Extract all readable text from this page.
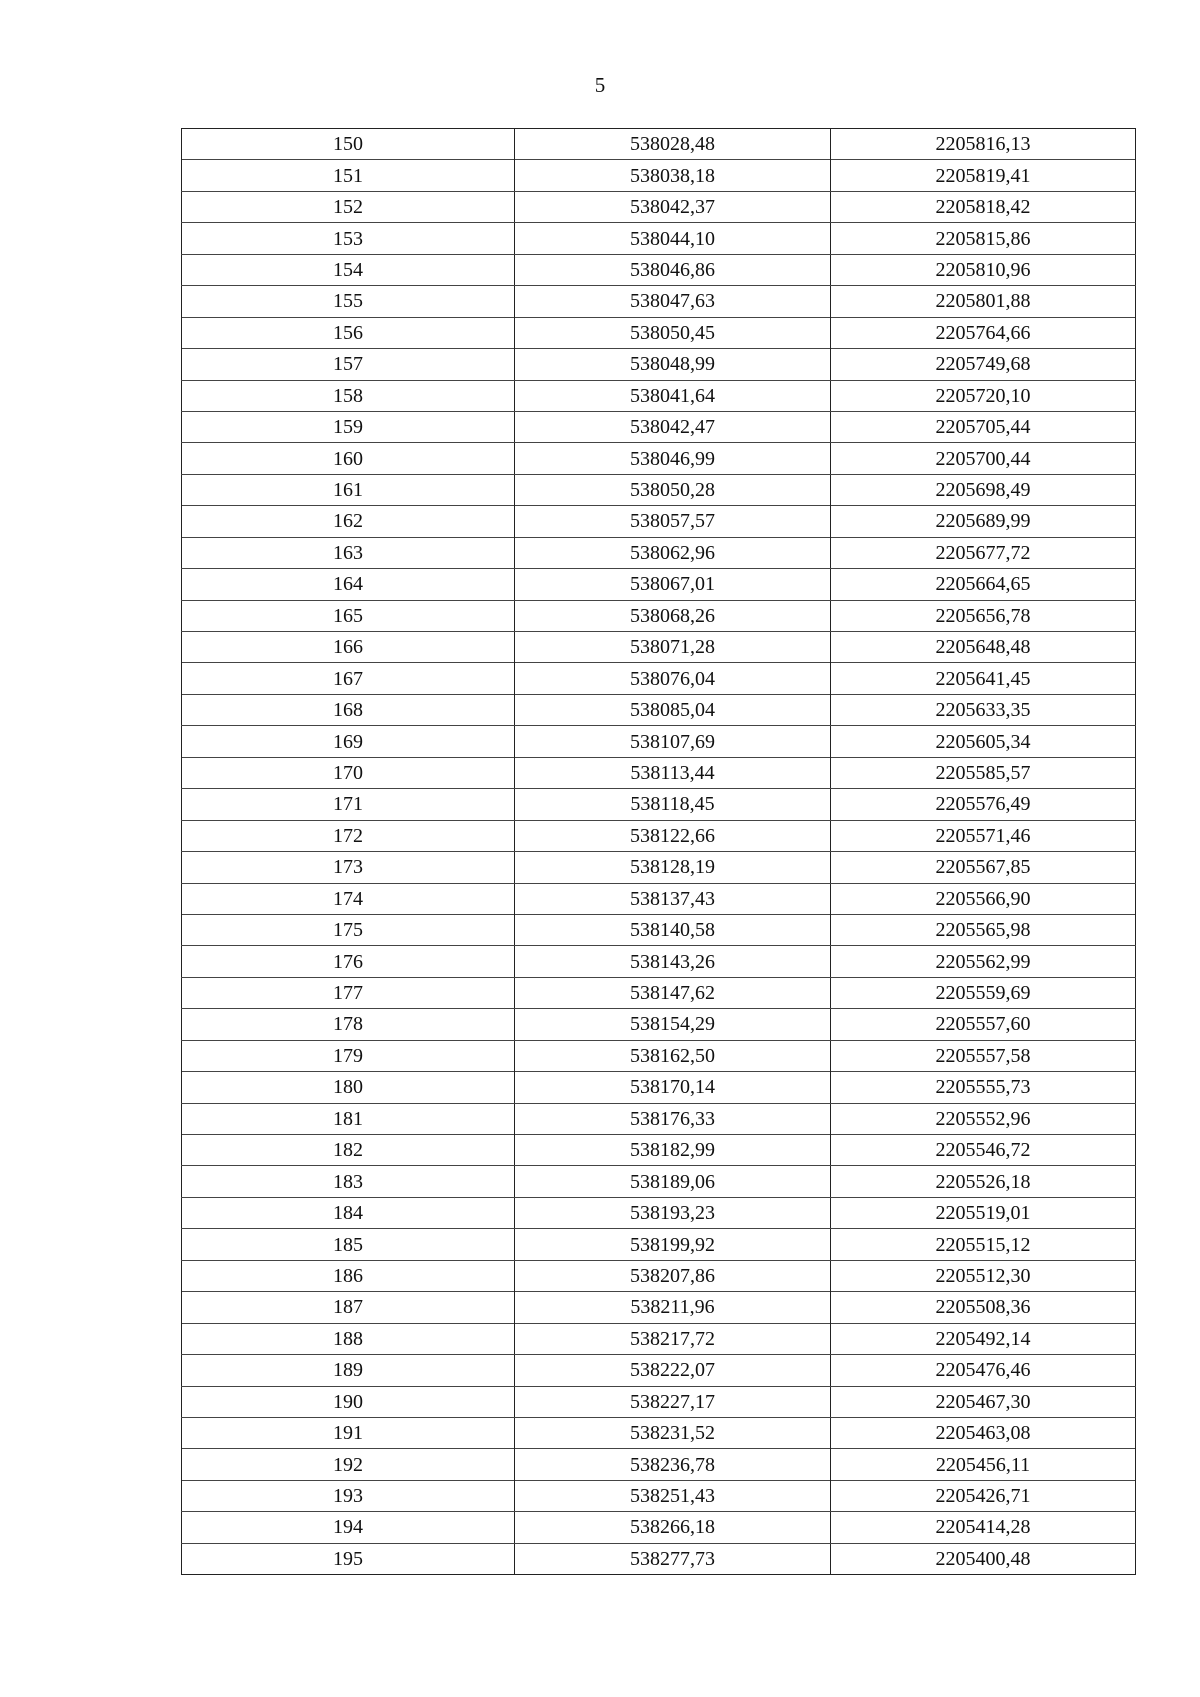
5
150	538028,48	2205816,13
151	538038,18	2205819,41
152	538042,37	2205818,42
153	538044,10	2205815,86
154	538046,86	2205810,96
155	538047,63	2205801,88
156	538050,45	2205764,66
157	538048,99	2205749,68
158	538041,64	2205720,10
159	538042,47	2205705,44
160	538046,99	2205700,44
161	538050,28	2205698,49
162	538057,57	2205689,99
163	538062,96	2205677,72
164	538067,01	2205664,65
165	538068,26	2205656,78
166	538071,28	2205648,48
167	538076,04	2205641,45
168	538085,04	2205633,35
169	538107,69	2205605,34
170	538113,44	2205585,57
171	538118,45	2205576,49
172	538122,66	2205571,46
173	538128,19	2205567,85
174	538137,43	2205566,90
175	538140,58	2205565,98
176	538143,26	2205562,99
177	538147,62	2205559,69
178	538154,29	2205557,60
179	538162,50	2205557,58
180	538170,14	2205555,73
181	538176,33	2205552,96
182	538182,99	2205546,72
183	538189,06	2205526,18
184	538193,23	2205519,01
185	538199,92	2205515,12
186	538207,86	2205512,30
187	538211,96	2205508,36
188	538217,72	2205492,14
189	538222,07	2205476,46
190	538227,17	2205467,30
191	538231,52	2205463,08
192	538236,78	2205456,11
193	538251,43	2205426,71
194	538266,18	2205414,28
195	538277,73	2205400,48
